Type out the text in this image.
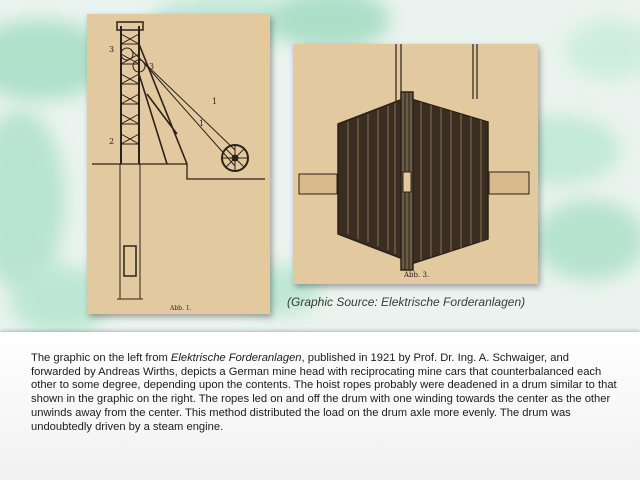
3
3
2
1
1
Abb. 1.
Abb. 3.
(Graphic Source: Elektrische Forderanlagen)

The graphic on the left from Elektrische Forderanlagen, published in 1921 by Prof. Dr. Ing. A. Schwaiger, and forwarded by Andreas Wirths, depicts a German mine head with reciprocating mine cars that counterbalanced each other to some degree, depending upon the contents. The hoist ropes probably were deadened in a drum similar to that shown in the graphic on the right. The ropes led on and off the drum with one winding towards the center as the other unwinds away from the center. This method distributed the load on the drum axle more evenly. The drum was undoubtedly driven by a steam engine.
